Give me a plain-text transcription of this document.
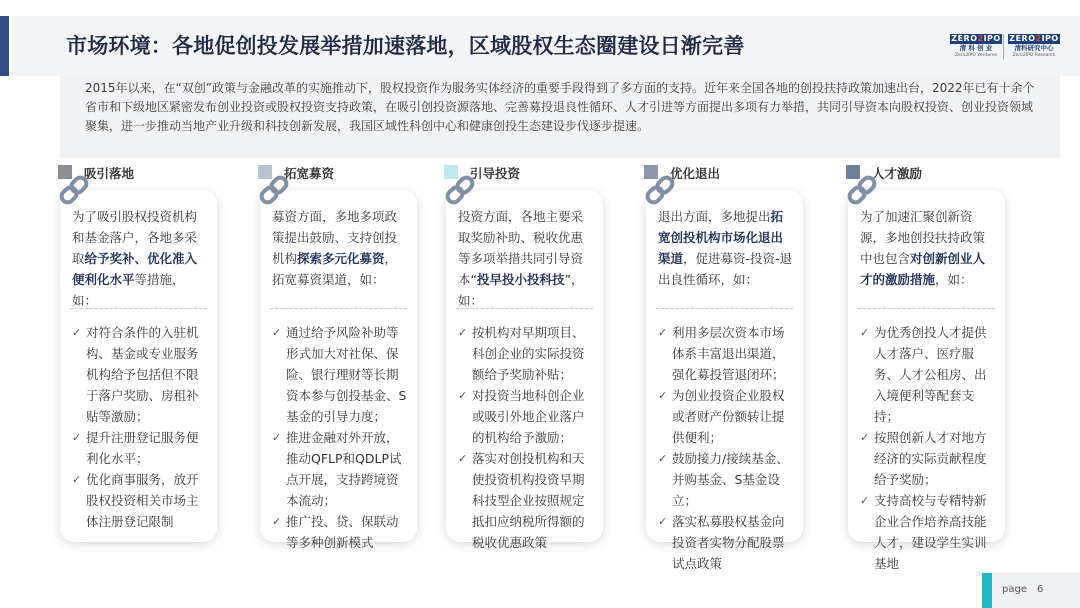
市场环境：各地促创投发展举措加速落地，区域股权生态圈建设日渐完善	ZERO2IPO
清 科 创 业
Zero2IPO Ventures
ZERO2IPO
清科研究中心
Zero2IPO Research
2015年以来，在“双创”政策与金融改革的实施推动下，股权投资作为服务实体经济的重要手段得到了多方面的支持。近年来全国各地的创投扶持政策加速出台，2022年已有十余个省市和下级地区紧密发布创业投资或股权投资支持政策，在吸引创投资源落地、完善募投退良性循环、人才引进等方面提出多项有力举措，共同引导资本向股权投资、创业投资领域聚集，进一步推动当地产业升级和科技创新发展，我国区域性科创中心和健康创投生态建设步伐逐步提速。
吸引落地
为了吸引股权投资机构和基金落户，各地多采取给予奖补、优化准入便利化水平等措施，如：
✓ 对符合条件的入驻机构、基金或专业服务机构给予包括但不限于落户奖励、房租补贴等激励；
✓ 提升注册登记服务便利化水平；
✓ 优化商事服务，放开股权投资相关市场主体注册登记限制
拓宽募资
募资方面，多地多项政策提出鼓励、支持创投机构探索多元化募资，拓宽募资渠道，如：
✓ 通过给予风险补助等形式加大对社保、保险、银行理财等长期资本参与创投基金、S基金的引导力度；
✓ 推进金融对外开放，推动QFLP和QDLP试点开展，支持跨境资本流动；
✓ 推广投、贷、保联动等多种创新模式
引导投资
投资方面，各地主要采取奖励补助、税收优惠等多项举措共同引导资本“投早投小投科技”，如：
✓ 按机构对早期项目、科创企业的实际投资额给予奖励补贴；
✓ 对投资当地科创企业或吸引外地企业落户的机构给予激励；
✓ 落实对创投机构和天使投资机构投资早期科技型企业按照规定抵扣应纳税所得额的税收优惠政策
优化退出
退出方面，多地提出拓宽创投机构市场化退出渠道，促进募资-投资-退出良性循环，如：
✓ 利用多层次资本市场体系丰富退出渠道，强化募投管退闭环；
✓ 为创业投资企业股权或者财产份额转让提供便利；
✓ 鼓励接力/接续基金、并购基金、S基金设立；
✓ 落实私募股权基金向投资者实物分配股票试点政策
人才激励
为了加速汇聚创新资源，多地创投扶持政策中也包含对创新创业人才的激励措施，如：
✓ 为优秀创投人才提供人才落户、医疗服务、人才公租房、出入境便利等配套支持；
✓ 按照创新人才对地方经济的实际贡献程度给予奖励；
✓ 支持高校与专精特新企业合作培养高技能人才，建设学生实训基地
page 6
